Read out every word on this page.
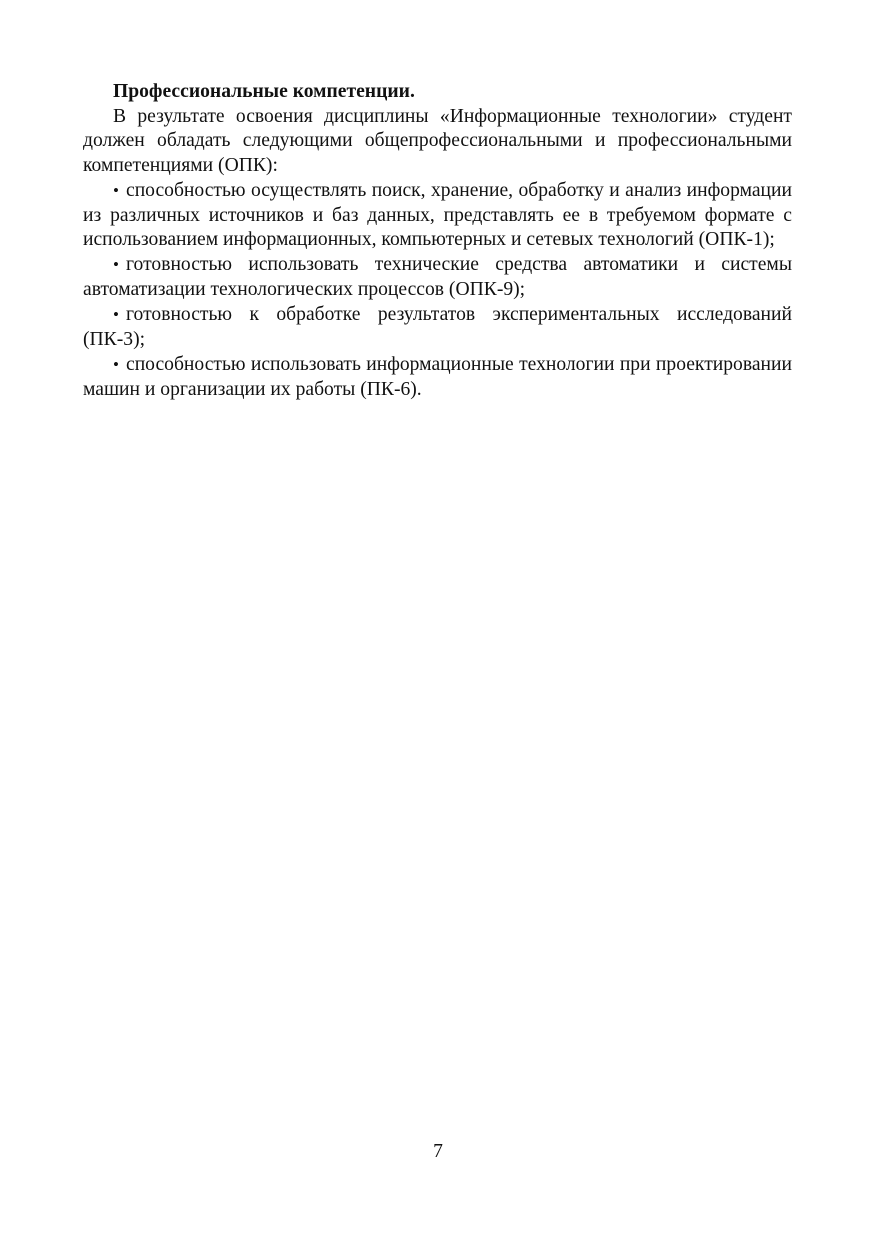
Профессиональные компетенции.

В результате освоения дисциплины «Информационные технологии» студент должен обладать следующими общепрофессиональными и профессиональными компетенциями (ОПК):

• способностью осуществлять поиск, хранение, обработку и анализ информации из различных источников и баз данных, представлять ее в требуемом формате с использованием информационных, компьютерных и сетевых технологий (ОПК-1);
• готовностью использовать технические средства автоматики и системы автоматизации технологических процессов (ОПК-9);
• готовностью к обработке результатов экспериментальных исследований (ПК-3);
• способностью использовать информационные технологии при проектировании машин и организации их работы (ПК-6).
7
